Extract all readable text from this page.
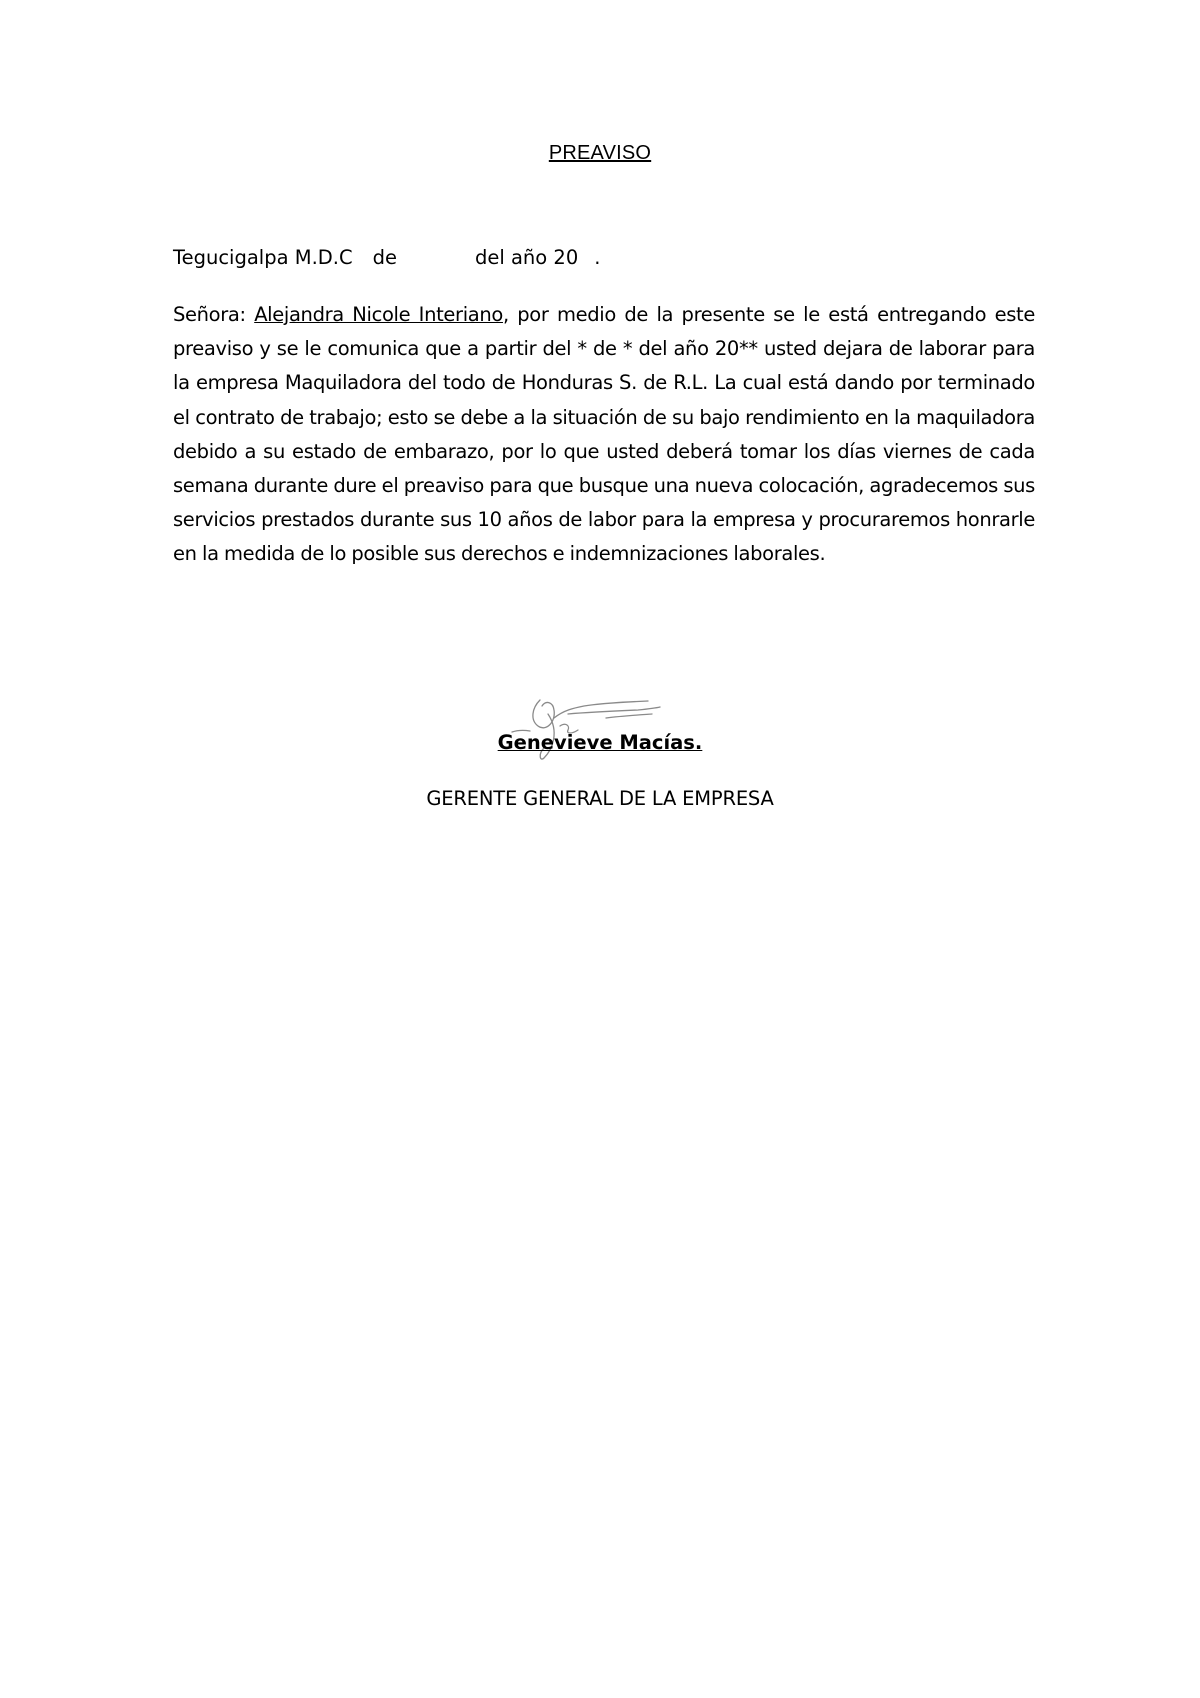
PREAVISO
Tegucigalpa M.D.C de	del año 20 .
Señora: Alejandra Nicole Interiano, por medio de la presente se le está entregando este preaviso y se le comunica que a partir del * de * del año 20** usted dejara de laborar para la empresa Maquiladora del todo de Honduras S. de R.L. La cual está dando por terminado el contrato de trabajo; esto se debe a la situación de su bajo rendimiento en la maquiladora debido a su estado de embarazo, por lo que usted deberá tomar los días viernes de cada semana durante dure el preaviso para que busque una nueva colocación, agradecemos sus servicios prestados durante sus 10 años de labor para la empresa y procuraremos honrarle en la medida de lo posible sus derechos e indemnizaciones laborales.
Genevieve Macías.
GERENTE GENERAL DE LA EMPRESA
